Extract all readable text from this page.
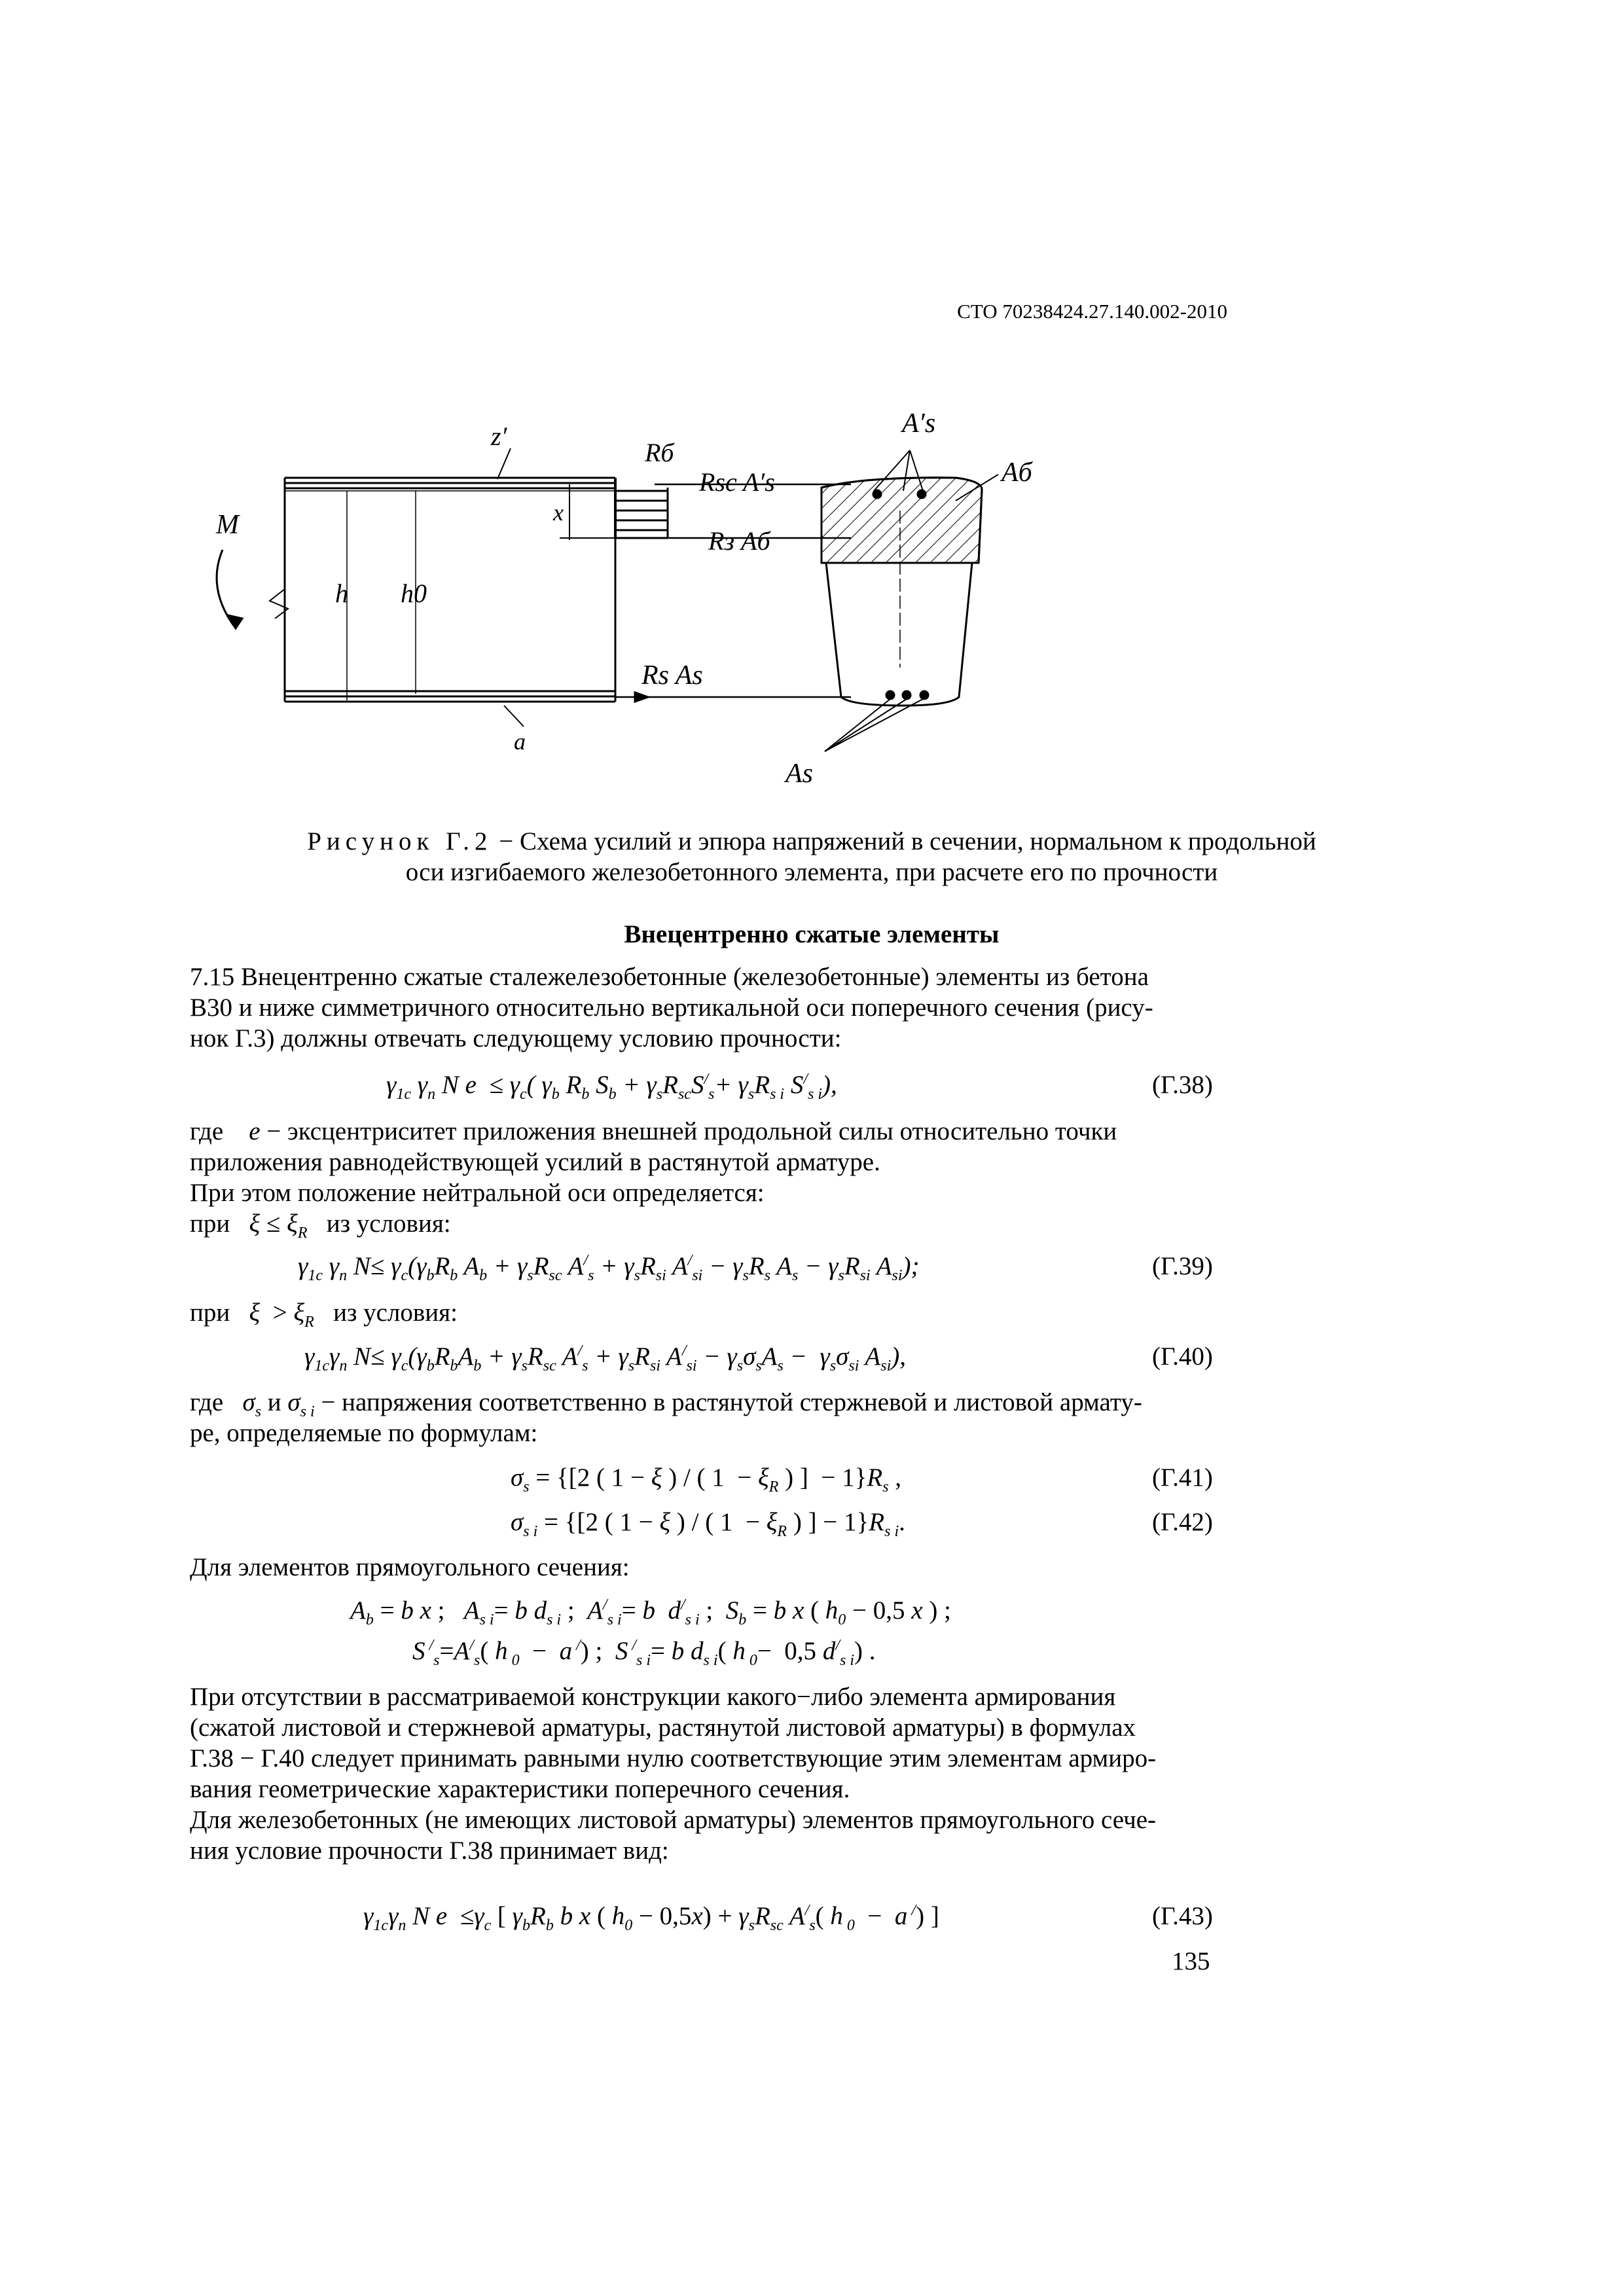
СТО 70238424.27.140.002-2010
z′
Rб
Rsc A′s
Rз Aб
x
M
h h0
Rs As
a
A′s
Aб
As
Рисунок Г.2 − Схема усилий и эпюра напряжений в сечении, нормальном к продольной
оси изгибаемого железобетонного элемента, при расчете его по прочности
Внецентренно сжатые элементы
7.15 Внецентренно сжатые сталежелезобетонные (железобетонные) элементы из бетона
В30 и ниже симметричного относительно вертикальной оси поперечного сечения (рису-
нок Г.3) должны отвечать следующему условию прочности:
$\gamma_{1c}$ $\gamma_n$ N $e \le \gamma_c$( $\gamma_b$ $R_b$ $S_b + \gamma_sR_{sc}S^/_s+ \gamma_sR_{s i}$ $S^/_{s i}$),	(Г.38)
где    e − эксцентриситет приложения внешней продольной силы относительно точки
приложения равнодействующей усилий в растянутой арматуре.
При этом положение нейтральной оси определяется:
при $\xi \le \xi_R$ из условия:
$\gamma_{1c}$ $\gamma_n$ $N\le \gamma_c(\gamma_bR_b$ $A_b + \gamma_sR_{sc}$ $A^/_s + \gamma_sR_{si}$ $A^/_{si} - \gamma_sR_s$ $A_s - \gamma_sR_{si}$ $A_{si}$);	(Г.39)
при $\xi > \xi_R$ из условия:
$\gamma_{1c}\gamma_n$ $N\le \gamma_c(\gamma_bR_bA_b + \gamma_sR_{sc}$ $A^/_s + \gamma_sR_{si}$ $A^/_{si} - \gamma_s\sigma_sA_s - \gamma_s\sigma_{si}$ $A_{si}$),	(Г.40)
где $\sigma_s$ и $\sigma_{s i}$ − напряжения соответственно в растянутой стержневой и листовой армату-
ре, определяемые по формулам:
$\sigma_s = \{[2$ ( 1 − ξ ) / ( $1 - \xi_R$ ) ]  − $1\}R_s$ ,	(Г.41)
$\sigma_{s i} = \{[2$ ( 1 − ξ ) / ( $1 - \xi_R$ ) ] − $1\}R_{s i}$.	(Г.42)
Для элементов прямоугольного сечения:
$A_b = b$ x ;   $A_{s i}= b$ $d_{s i}$ ;  $A^/_{s i}= b$  $d^/_{s i}$ ;  $S_b = b$ x ( $h_0 - 0,5$ x ) ;
S $^/_s=A^/_s$( h $_0$  −  a /) ;  S /$_{s i}$= b $d_{s i}$( h $_0$−  0,5 $d^/_{s i}$) .
При отсутствии в рассматриваемой конструкции какого−либо элемента армирования
(сжатой листовой и стержневой арматуры, растянутой листовой арматуры) в формулах
Г.38 − Г.40 следует принимать равными нулю соответствующие этим элементам армиро-
вания геометрические характеристики поперечного сечения.
Для железобетонных (не имеющих листовой арматуры) элементов прямоугольного сече-
ния условие прочности Г.38 принимает вид:
$\gamma_{1c}\gamma_n$ N $e \le\gamma_c$ [ $\gamma_bR_b$ b x ( $h_0 - 0,5x) + \gamma_sR_{sc}$ $A^/_s$( h $_0$  −  a /) ]	(Г.43)
135
